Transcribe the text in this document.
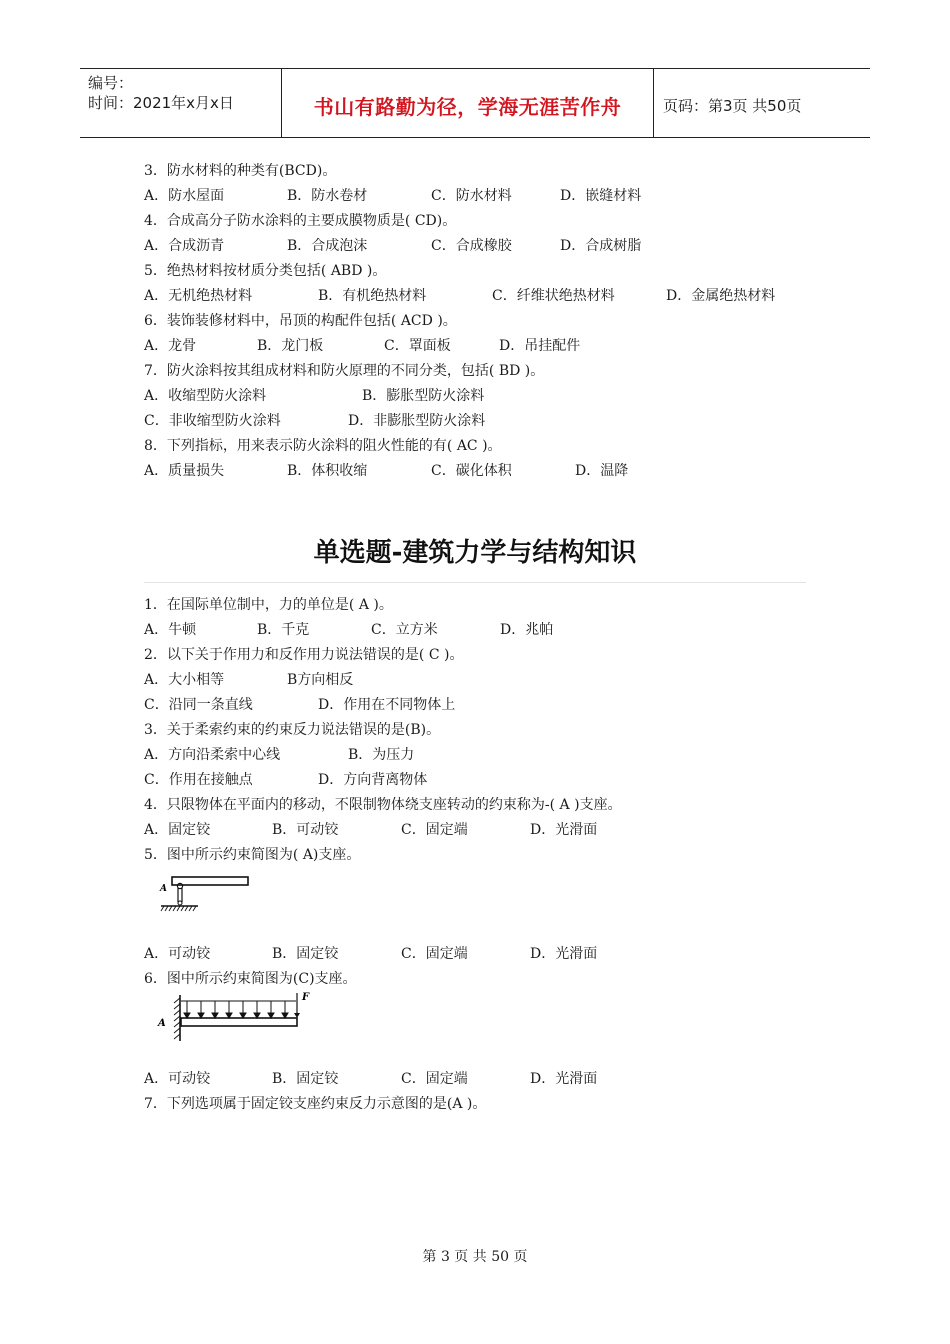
编号：
时间：2021年x月x日	书山有路勤为径，学海无涯苦作舟	页码：第3页 共50页
3．防水材料的种类有(BCD)。

A．防水屋面

	B．防水卷材

	C．防水材料

	D．嵌缝材料

4．合成高分子防水涂料的主要成膜物质是( CD)。

A．合成沥青

	B．合成泡沫

	C．合成橡胶

	D．合成树脂

5．绝热材料按材质分类包括( ABD )。

A．无机绝热材料

	B．有机绝热材料

	C．纤维状绝热材料

	D．金属绝热材料

6．装饰装修材料中，吊顶的构配件包括( ACD )。

A．龙骨

	B．龙门板

	C．罩面板

	D．吊挂配件

7．防火涂料按其组成材料和防火原理的不同分类，包括( BD )。

A．收缩型防火涂料

	B．膨胀型防火涂料

C．非收缩型防火涂料

	D．非膨胀型防火涂料

8．下列指标，用来表示防火涂料的阻火性能的有( AC )。

A．质量损失

	B．体积收缩

	C．碳化体积

	D．温降

单选题-建筑力学与结构知识
1．在国际单位制中，力的单位是( A )。

A．牛顿

	B．千克

	C．立方米

	D．兆帕

2．以下关于作用力和反作用力说法错误的是( C )。

A．大小相等

	B方向相反

C．沿同一条直线

	D．作用在不同物体上

3．关于柔索约束的约束反力说法错误的是(B)。

A．方向沿柔索中心线

	B．为压力

C．作用在接触点

	D．方向背离物体

4．只限物体在平面内的移动，不限制物体绕支座转动的约束称为-( A )支座。

A．固定铰

	B．可动铰

	C．固定端

	D．光滑面

5．图中所示约束简图为( A)支座。

A．可动铰

	B．固定铰

	C．固定端

	D．光滑面

6．图中所示约束简图为(C)支座。

A．可动铰

	B．固定铰

	C．固定端

	D．光滑面

7．下列选项属于固定铰支座约束反力示意图的是(A )。
A
A
F
第 3 页 共 50 页
